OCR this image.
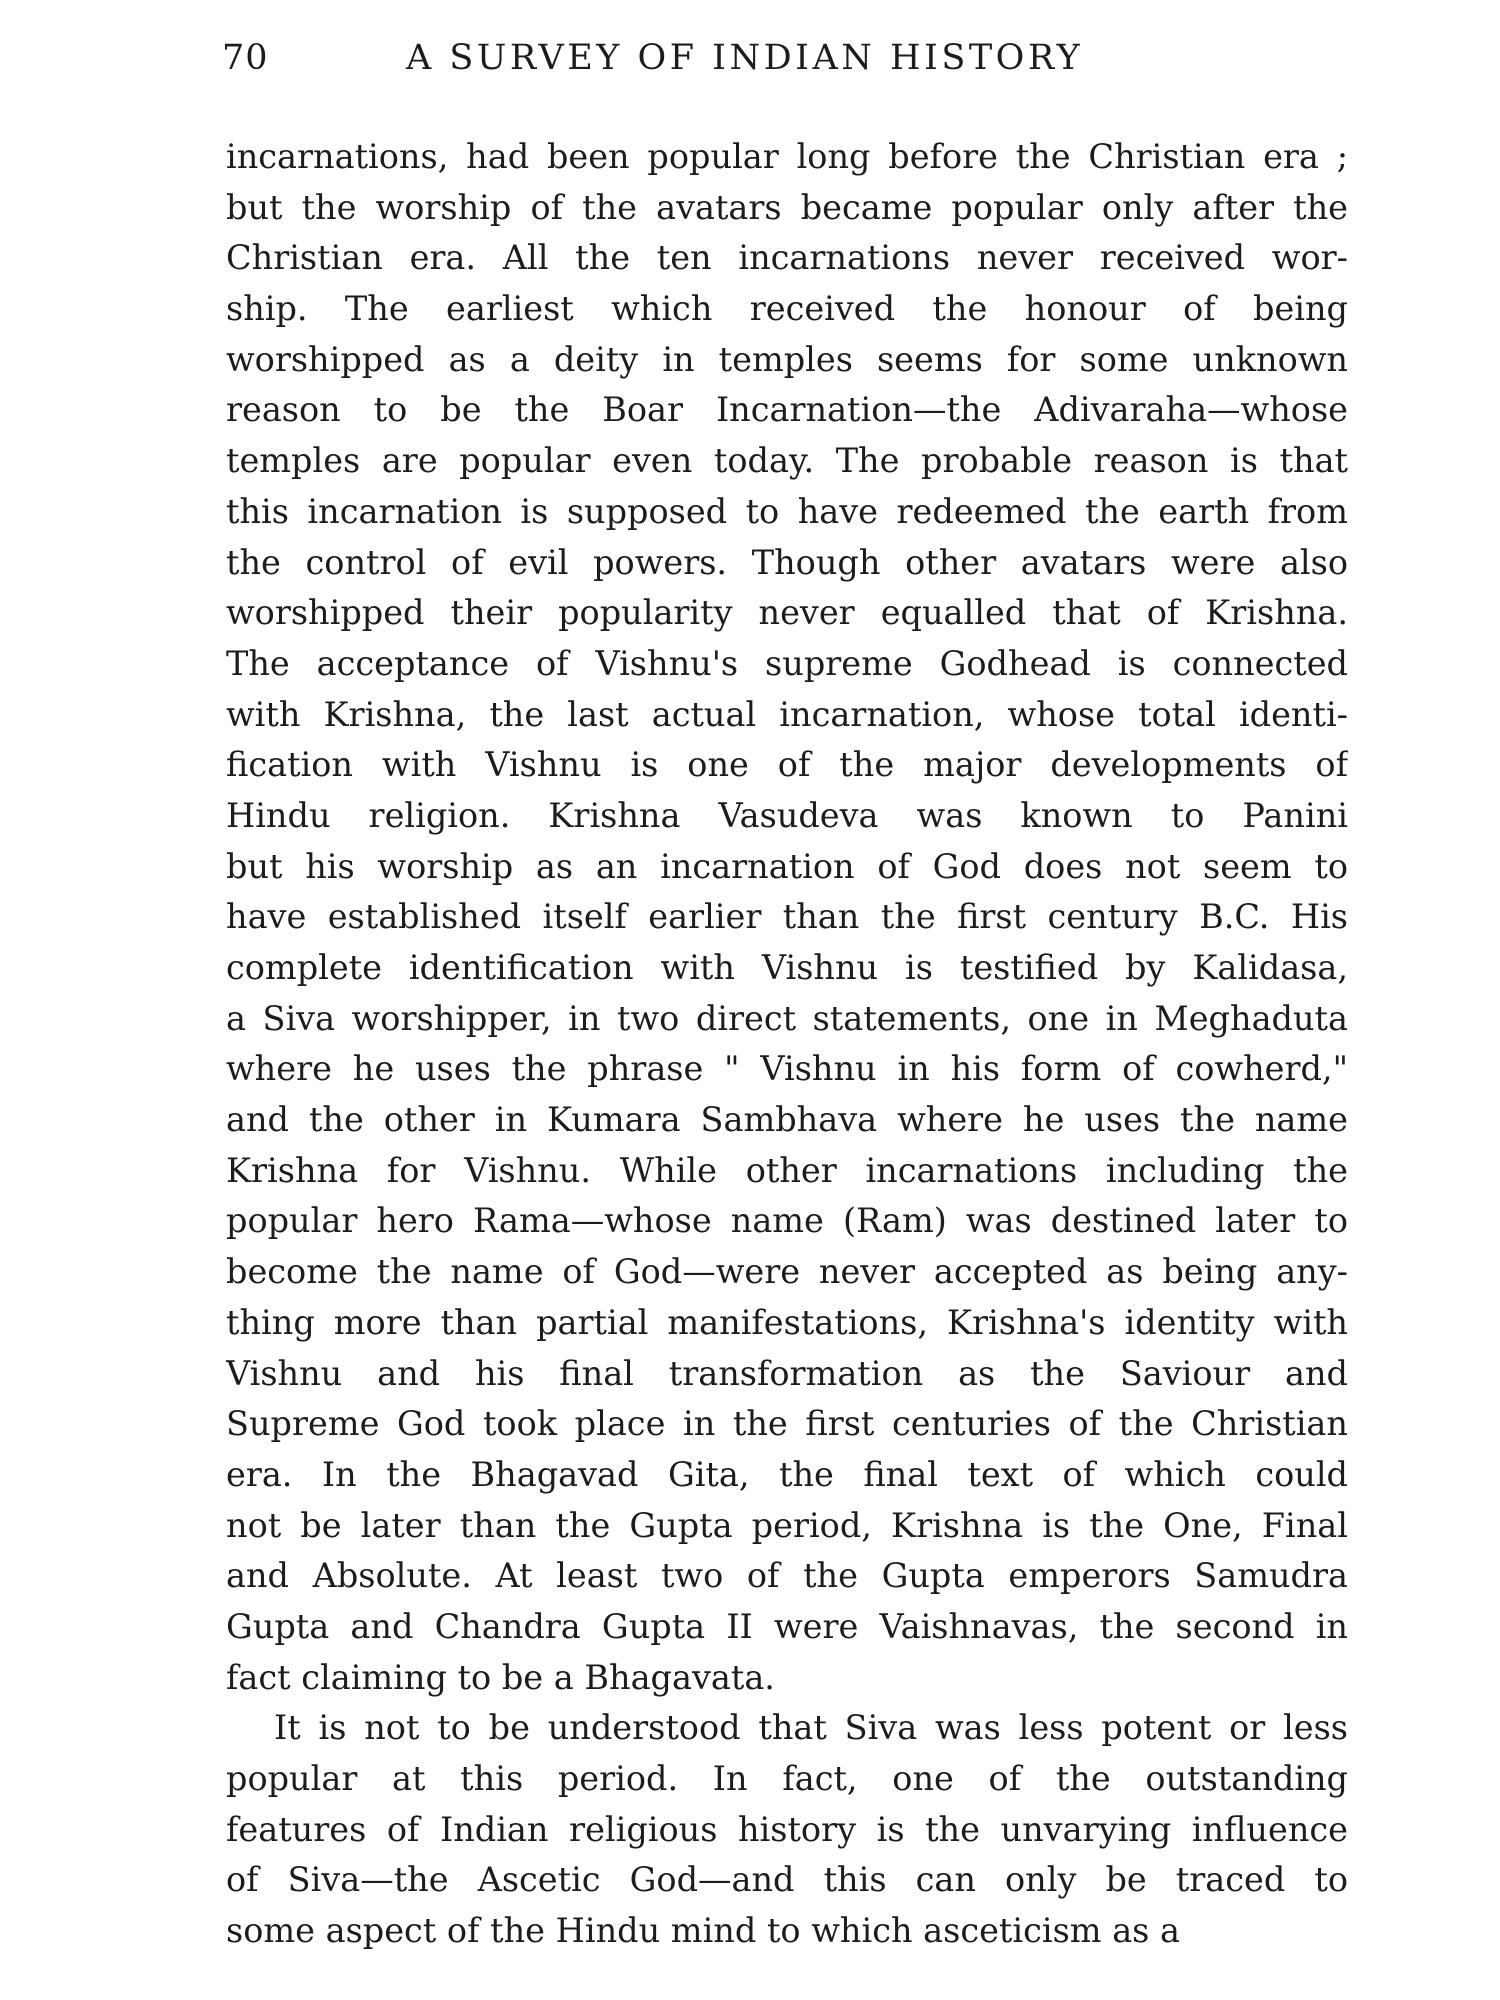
70	A SURVEY OF INDIAN HISTORY
incarnations, had been popular long before the Christian era ;
but the worship of the avatars became popular only after the
Christian era. All the ten incarnations never received wor-
ship. The earliest which received the honour of being
worshipped as a deity in temples seems for some unknown
reason to be the Boar Incarnation—the Adivaraha—whose
temples are popular even today. The probable reason is that
this incarnation is supposed to have redeemed the earth from
the control of evil powers. Though other avatars were also
worshipped their popularity never equalled that of Krishna.
The acceptance of Vishnu's supreme Godhead is connected
with Krishna, the last actual incarnation, whose total identi-
fication with Vishnu is one of the major developments of
Hindu religion. Krishna Vasudeva was known to Panini
but his worship as an incarnation of God does not seem to
have established itself earlier than the first century B.C. His
complete identification with Vishnu is testified by Kalidasa,
a Siva worshipper, in two direct statements, one in Meghaduta
where he uses the phrase " Vishnu in his form of cowherd,"
and the other in Kumara Sambhava where he uses the name
Krishna for Vishnu. While other incarnations including the
popular hero Rama—whose name (Ram) was destined later to
become the name of God—were never accepted as being any-
thing more than partial manifestations, Krishna's identity with
Vishnu and his final transformation as the Saviour and
Supreme God took place in the first centuries of the Christian
era. In the Bhagavad Gita, the final text of which could
not be later than the Gupta period, Krishna is the One, Final
and Absolute. At least two of the Gupta emperors Samudra
Gupta and Chandra Gupta II were Vaishnavas, the second in
fact claiming to be a Bhagavata.
It is not to be understood that Siva was less potent or less
popular at this period. In fact, one of the outstanding
features of Indian religious history is the unvarying influence
of Siva—the Ascetic God—and this can only be traced to
some aspect of the Hindu mind to which asceticism as a
